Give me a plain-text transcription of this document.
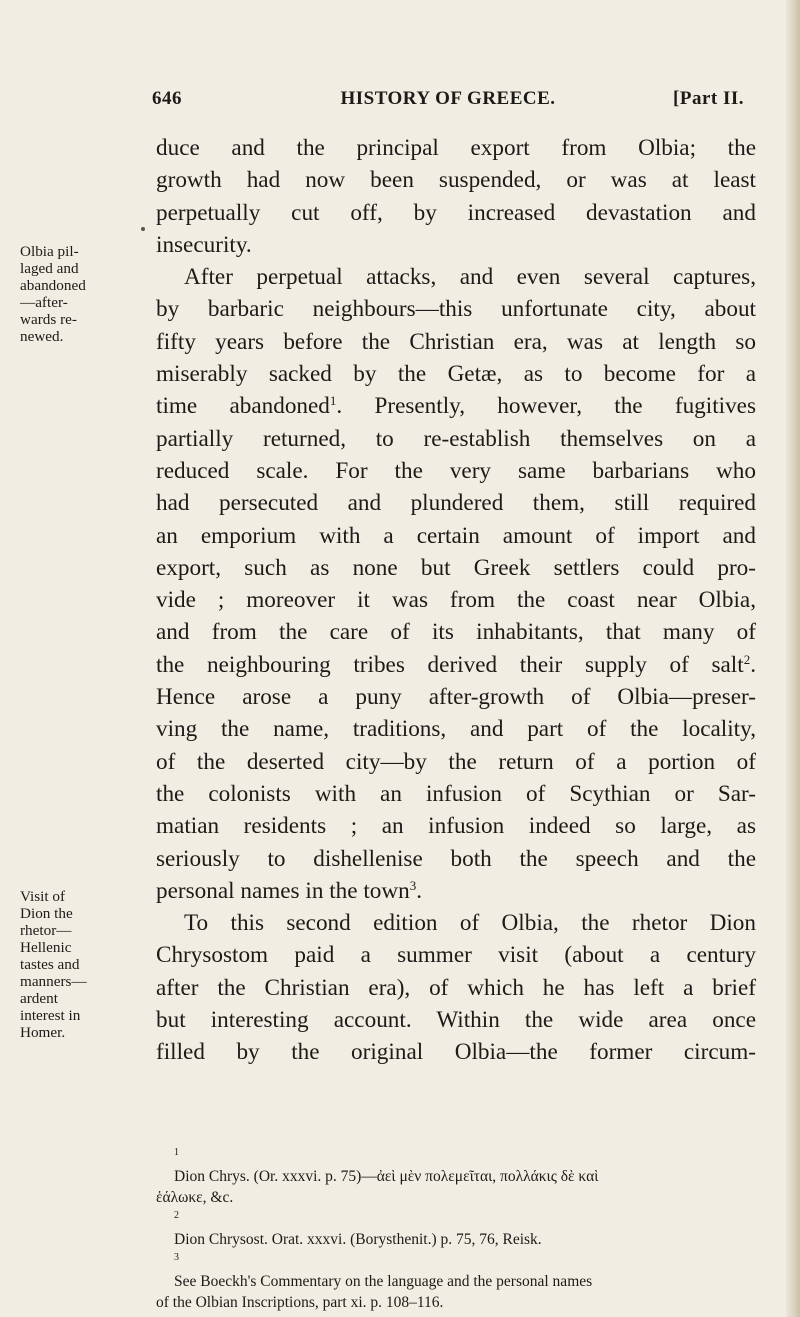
646	HISTORY OF GREECE.	[Part II.
Olbia pil-
laged and
abandoned
—after-
wards re-
newed.
Visit of
Dion the
rhetor—
Hellenic
tastes and
manners—
ardent
interest in
Homer.
duce and the principal export from Olbia; the
growth had now been suspended, or was at least
perpetually cut off, by increased devastation and
insecurity.
After perpetual attacks, and even several captures,
by barbaric neighbours—this unfortunate city, about
fifty years before the Christian era, was at length so
miserably sacked by the Getæ, as to become for a
time abandoned$^1$. Presently, however, the fugitives
partially returned, to re-establish themselves on a
reduced scale. For the very same barbarians who
had persecuted and plundered them, still required
an emporium with a certain amount of import and
export, such as none but Greek settlers could pro-
vide ; moreover it was from the coast near Olbia,
and from the care of its inhabitants, that many of
the neighbouring tribes derived their supply of salt$^2$.
Hence arose a puny after-growth of Olbia—preser-
ving the name, traditions, and part of the locality,
of the deserted city—by the return of a portion of
the colonists with an infusion of Scythian or Sar-
matian residents ; an infusion indeed so large, as
seriously to dishellenise both the speech and the
personal names in the town$^3$.
To this second edition of Olbia, the rhetor Dion
Chrysostom paid a summer visit (about a century
after the Christian era), of which he has left a brief
but interesting account. Within the wide area once
filled by the original Olbia—the former circum-
$^1$
Dion Chrys. (Or. xxxvi. p. 75)—ἀεὶ μὲν πολεμεῖται, πολλάκις δὲ καὶ
ἑάλωκε, &c.
$^2$
Dion Chrysost. Orat. xxxvi. (Borysthenit.) p. 75, 76, Reisk.
$^3$
See Boeckh's Commentary on the language and the personal names
of the Olbian Inscriptions, part xi. p. 108–116.
